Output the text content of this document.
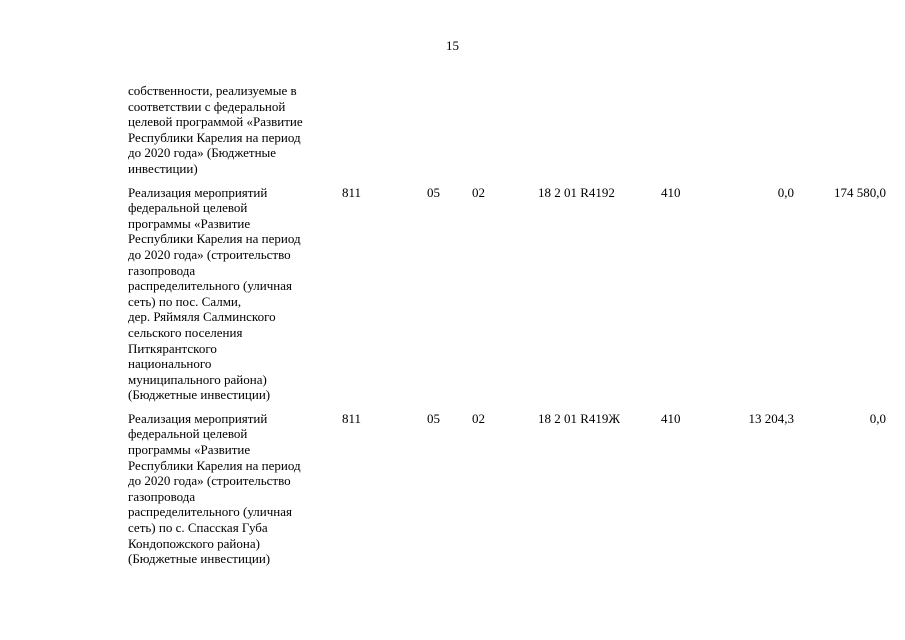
15
собственности, реализуемые в
соответствии с федеральной
целевой программой «Развитие
Республики Карелия на период
до 2020 года» (Бюджетные
инвестиции)
Реализация мероприятий
федеральной целевой
программы «Развитие
Республики Карелия на период
до 2020 года» (строительство
газопровода
распределительного (уличная
сеть) по пос. Салми,
дер. Ряймяля Салминского
сельского поселения
Питкярантского
национального
муниципального района)
(Бюджетные инвестиции)
811	05 02	18 2 01 R4192	410	0,0	174 580,0
Реализация мероприятий
федеральной целевой
программы «Развитие
Республики Карелия на период
до 2020 года» (строительство
газопровода
распределительного (уличная
сеть) по с. Спасская Губа
Кондопожского района)
(Бюджетные инвестиции)
811	05 02	18 2 01 R419Ж	410	13 204,3	0,0
